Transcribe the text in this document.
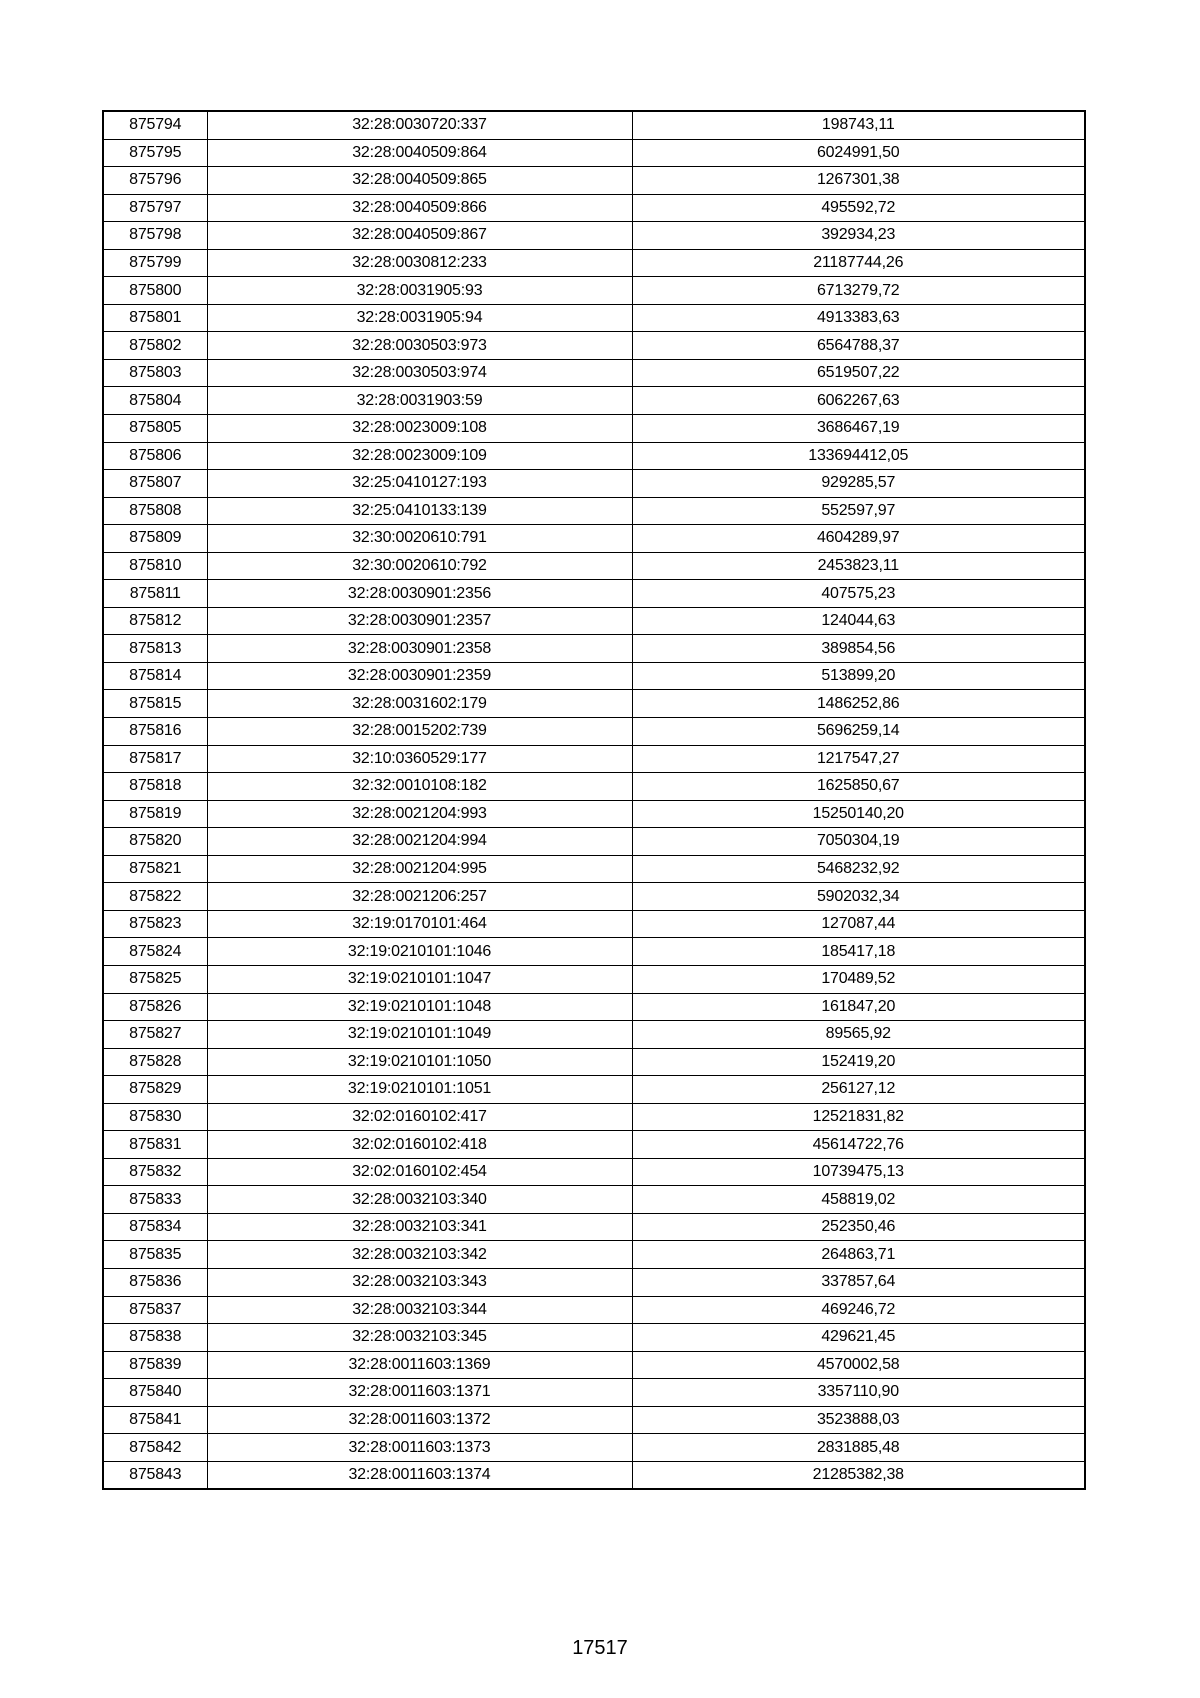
875794	32:28:0030720:337	198743,11
875795	32:28:0040509:864	6024991,50
875796	32:28:0040509:865	1267301,38
875797	32:28:0040509:866	495592,72
875798	32:28:0040509:867	392934,23
875799	32:28:0030812:233	21187744,26
875800	32:28:0031905:93	6713279,72
875801	32:28:0031905:94	4913383,63
875802	32:28:0030503:973	6564788,37
875803	32:28:0030503:974	6519507,22
875804	32:28:0031903:59	6062267,63
875805	32:28:0023009:108	3686467,19
875806	32:28:0023009:109	133694412,05
875807	32:25:0410127:193	929285,57
875808	32:25:0410133:139	552597,97
875809	32:30:0020610:791	4604289,97
875810	32:30:0020610:792	2453823,11
875811	32:28:0030901:2356	407575,23
875812	32:28:0030901:2357	124044,63
875813	32:28:0030901:2358	389854,56
875814	32:28:0030901:2359	513899,20
875815	32:28:0031602:179	1486252,86
875816	32:28:0015202:739	5696259,14
875817	32:10:0360529:177	1217547,27
875818	32:32:0010108:182	1625850,67
875819	32:28:0021204:993	15250140,20
875820	32:28:0021204:994	7050304,19
875821	32:28:0021204:995	5468232,92
875822	32:28:0021206:257	5902032,34
875823	32:19:0170101:464	127087,44
875824	32:19:0210101:1046	185417,18
875825	32:19:0210101:1047	170489,52
875826	32:19:0210101:1048	161847,20
875827	32:19:0210101:1049	89565,92
875828	32:19:0210101:1050	152419,20
875829	32:19:0210101:1051	256127,12
875830	32:02:0160102:417	12521831,82
875831	32:02:0160102:418	45614722,76
875832	32:02:0160102:454	10739475,13
875833	32:28:0032103:340	458819,02
875834	32:28:0032103:341	252350,46
875835	32:28:0032103:342	264863,71
875836	32:28:0032103:343	337857,64
875837	32:28:0032103:344	469246,72
875838	32:28:0032103:345	429621,45
875839	32:28:0011603:1369	4570002,58
875840	32:28:0011603:1371	3357110,90
875841	32:28:0011603:1372	3523888,03
875842	32:28:0011603:1373	2831885,48
875843	32:28:0011603:1374	21285382,38
17517
